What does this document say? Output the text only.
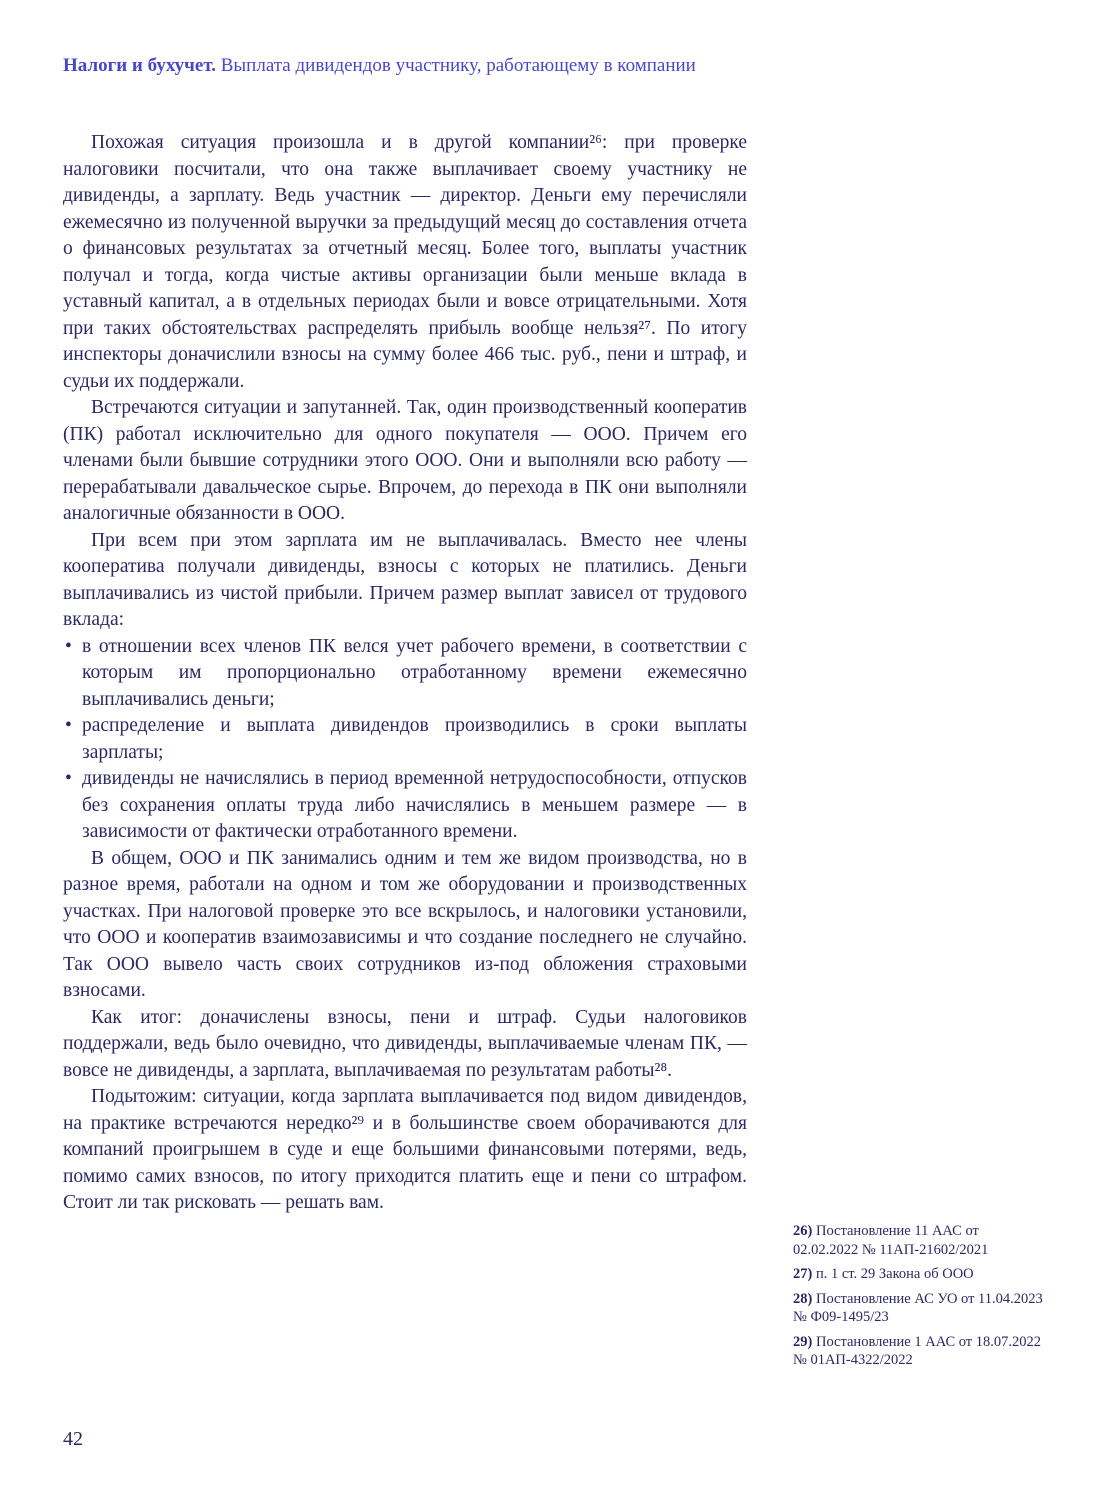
Налоги и бухучет. Выплата дивидендов участнику, работающему в компании

Похожая ситуация произошла и в другой компании²⁶: при проверке налоговики посчитали, что она также выплачивает своему участнику не дивиденды, а зарплату. Ведь участник — директор. Деньги ему перечисляли ежемесячно из полученной выручки за предыдущий месяц до составления отчета о финансовых результатах за отчетный месяц. Более того, выплаты участник получал и тогда, когда чистые активы организации были меньше вклада в уставный капитал, а в отдельных периодах были и вовсе отрицательными. Хотя при таких обстоятельствах распределять прибыль вообще нельзя²⁷. По итогу инспекторы доначислили взносы на сумму более 466 тыс. руб., пени и штраф, и судьи их поддержали.

Встречаются ситуации и запутанней. Так, один производственный кооператив (ПК) работал исключительно для одного покупателя — ООО. Причем его членами были бывшие сотрудники этого ООО. Они и выполняли всю работу — перерабатывали давальческое сырье. Впрочем, до перехода в ПК они выполняли аналогичные обязанности в ООО.

При всем при этом зарплата им не выплачивалась. Вместо нее члены кооператива получали дивиденды, взносы с которых не платились. Деньги выплачивались из чистой прибыли. Причем размер выплат зависел от трудового вклада:

• в отношении всех членов ПК велся учет рабочего времени, в соответствии с которым им пропорционально отработанному времени ежемесячно выплачивались деньги;
• распределение и выплата дивидендов производились в сроки выплаты зарплаты;
• дивиденды не начислялись в период временной нетрудоспособности, отпусков без сохранения оплаты труда либо начислялись в меньшем размере — в зависимости от фактически отработанного времени.

В общем, ООО и ПК занимались одним и тем же видом производства, но в разное время, работали на одном и том же оборудовании и производственных участках. При налоговой проверке это все вскрылось, и налоговики установили, что ООО и кооператив взаимозависимы и что создание последнего не случайно. Так ООО вывело часть своих сотрудников из-под обложения страховыми взносами.

Как итог: доначислены взносы, пени и штраф. Судьи налоговиков поддержали, ведь было очевидно, что дивиденды, выплачиваемые членам ПК, — вовсе не дивиденды, а зарплата, выплачиваемая по результатам работы²⁸.

Подытожим: ситуации, когда зарплата выплачивается под видом дивидендов, на практике встречаются нередко²⁹ и в большинстве своем оборачиваются для компаний проигрышем в суде и еще большими финансовыми потерями, ведь, помимо самих взносов, по итогу приходится платить еще и пени со штрафом. Стоит ли так рисковать — решать вам.

26) Постановление 11 ААС от 02.02.2022 № 11АП-21602/2021
27) п. 1 ст. 29 Закона об ООО
28) Постановление АС УО от 11.04.2023 № Ф09-1495/23
29) Постановление 1 ААС от 18.07.2022 № 01АП-4322/2022
42
